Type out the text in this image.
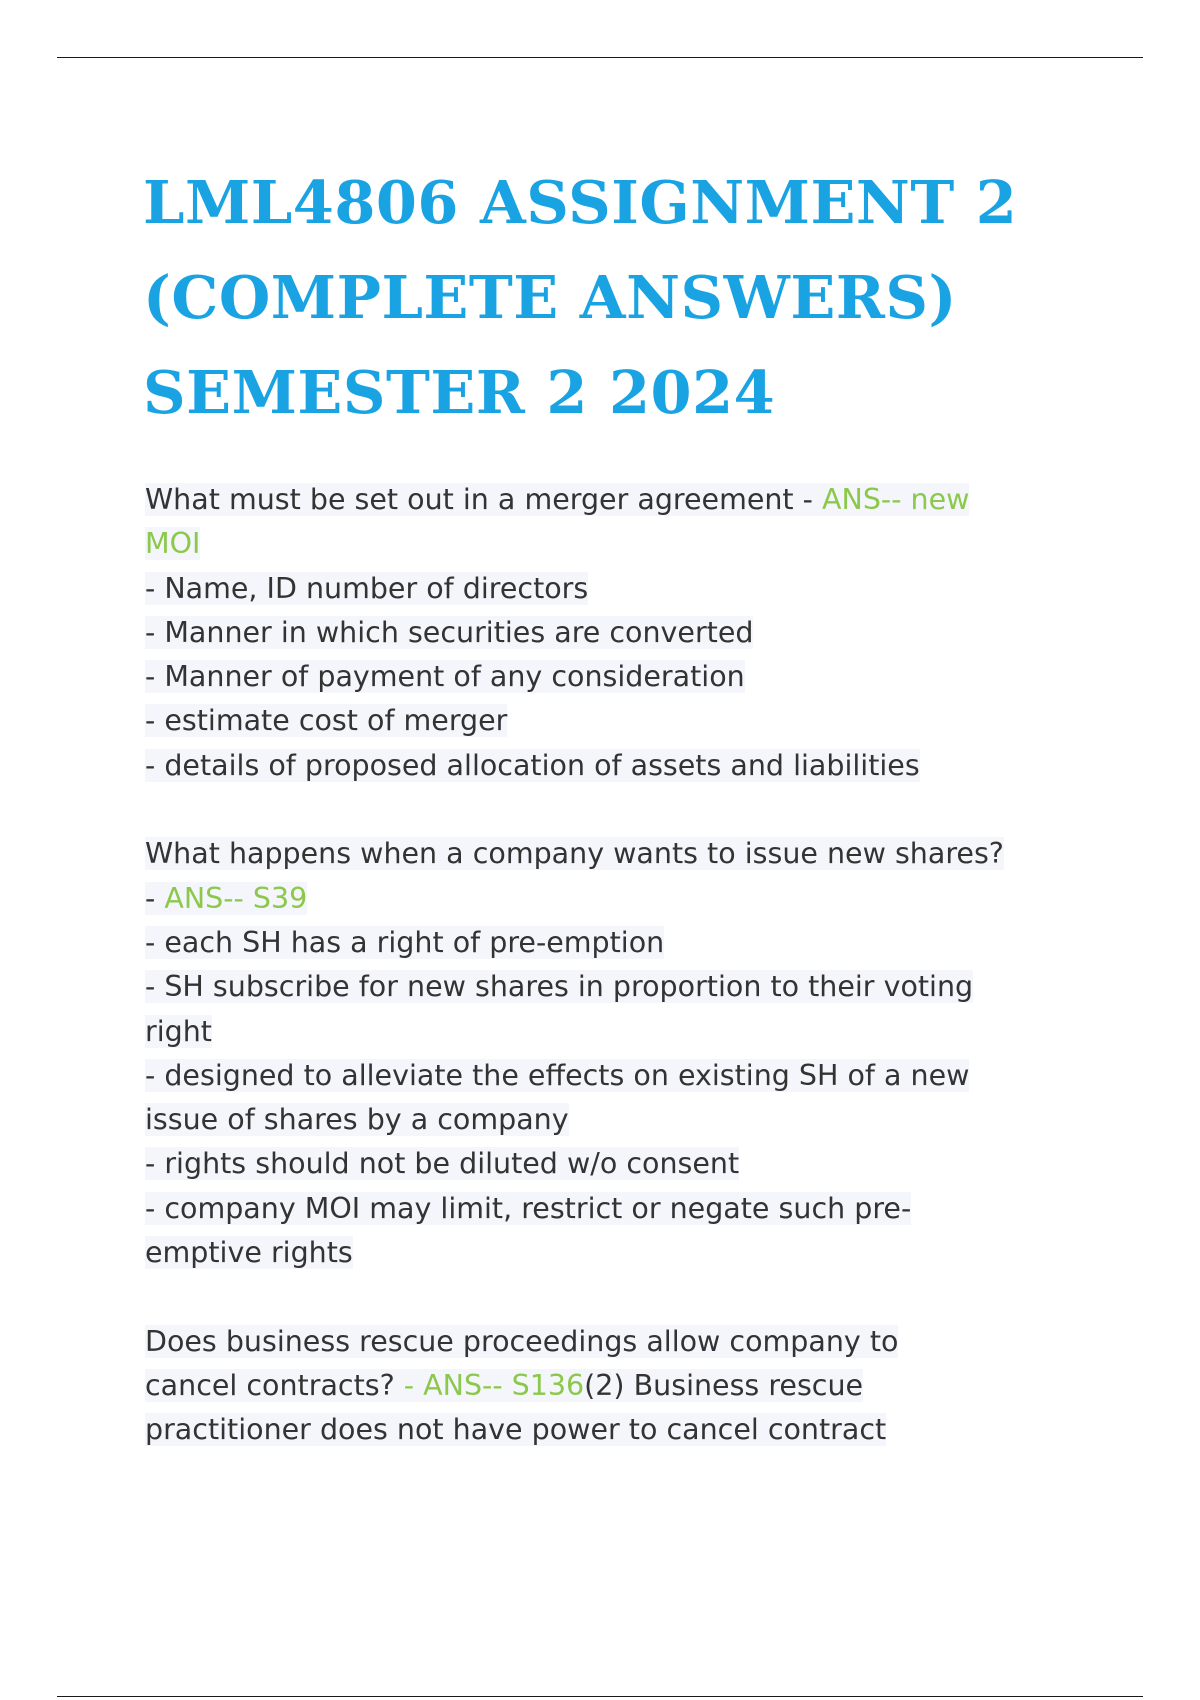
LML4806 ASSIGNMENT 2
(COMPLETE ANSWERS)
SEMESTER 2 2024
What must be set out in a merger agreement - ANS-- new
MOI
- Name, ID number of directors
- Manner in which securities are converted
- Manner of payment of any consideration
- estimate cost of merger
- details of proposed allocation of assets and liabilities
What happens when a company wants to issue new shares?
- ANS-- S39
- each SH has a right of pre-emption
- SH subscribe for new shares in proportion to their voting
right
- designed to alleviate the effects on existing SH of a new
issue of shares by a company
- rights should not be diluted w/o consent
- company MOI may limit, restrict or negate such pre-
emptive rights
Does business rescue proceedings allow company to
cancel contracts? - ANS-- S136(2) Business rescue
practitioner does not have power to cancel contract
